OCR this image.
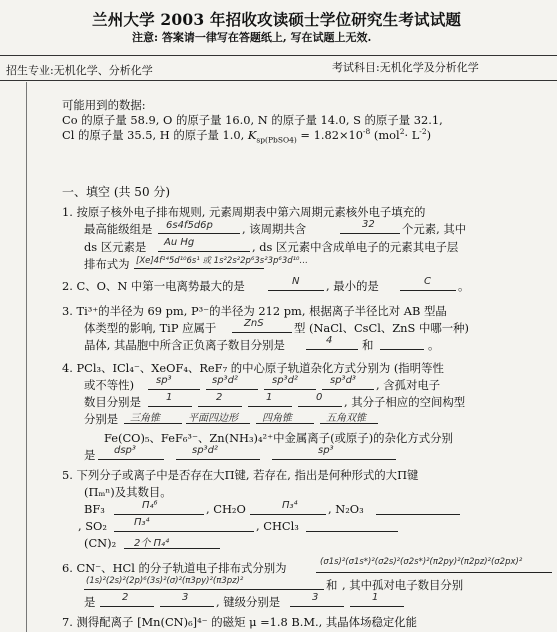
兰州大学 2003 年招收攻读硕士学位研究生考试试题
注意: 答案请一律写在答题纸上, 写在试题上无效.
招生专业:无机化学、分析化学	考试科目:无机化学及分析化学
可能用到的数据:
Co 的原子量 58.9, O 的原子量 16.0, N 的原子量 14.0, S 的原子量 32.1,
Cl 的原子量 35.5, H 的原子量 1.0, $K_{sp(PbSO4)} = 1.82\times 10^{-8}$ $(mol^2\cdot L^{-2})$
一、填空 (共 50 分)
1. 按原子核外电子排布规则, 元素周期表中第六周期元素核外电子填充的
最高能级组是 6s4f5d6p	, 该周期共含	32 个元素, 其中
ds 区元素是 Au Hg	, ds 区元素中含成单电子的元素其电子层
排布式为 [Xe]4f¹⁴5d¹⁰6s¹ 或 1s²2s²2p⁶3s²3p⁶3d¹⁰…
2. C、O、N 中第一电离势最大的是	N , 最小的是	C 。
3. Ti³⁺的半径为 69 pm, P³⁻的半径为 212 pm, 根据离子半径比对 AB 型晶
体类型的影响, TiP 应属于	ZnS	型 (NaCl、CsCl、ZnS 中哪一种)
晶体, 其晶胞中所含正负离子数目分别是	4	和	。
4. PCl₃、ICl₄⁻、XeOF₄、ReF₇ 的中心原子轨道杂化方式分别为 (指明等性
或不等性) sp³	sp³d²	sp³d²	sp³d³ , 含孤对电子
数目分别是	1	2	1	0 , 其分子相应的空间构型
分别是 三角锥	平面四边形 四角锥	五角双锥
Fe(CO)₅、FeF₆³⁻、Zn(NH₃)₄²⁺中金属离子(或原子)的杂化方式分别
是 dsp³	sp³d²	sp³
5. 下列分子或离子中是否存在大Π键, 若存在, 指出是何种形式的大Π键
(Πₘⁿ)及其数目。
BF₃	Π₄⁶	, CH₂O	Π₃⁴	, N₂O₃
, SO₂	Π₃⁴	, CHCl₃
(CN)₂ 2个 Π₄⁴
6. CN⁻、HCl 的分子轨道电子排布式分别为	(σ1s)²(σ1s*)²(σ2s)²(σ2s*)²(π2py)²(π2pz)²(σ2px)²
(1s)²(2s)²(2p)⁶(3s)²(σ)²(π3py)²(π3pz)²	和 , 其中孤对电子数目分别
是	2	3 , 键级分别是	3	1
7. 测得配离子 [Mn(CN)₆]⁴⁻ 的磁矩 μ =1.8 B.M., 其晶体场稳定化能
